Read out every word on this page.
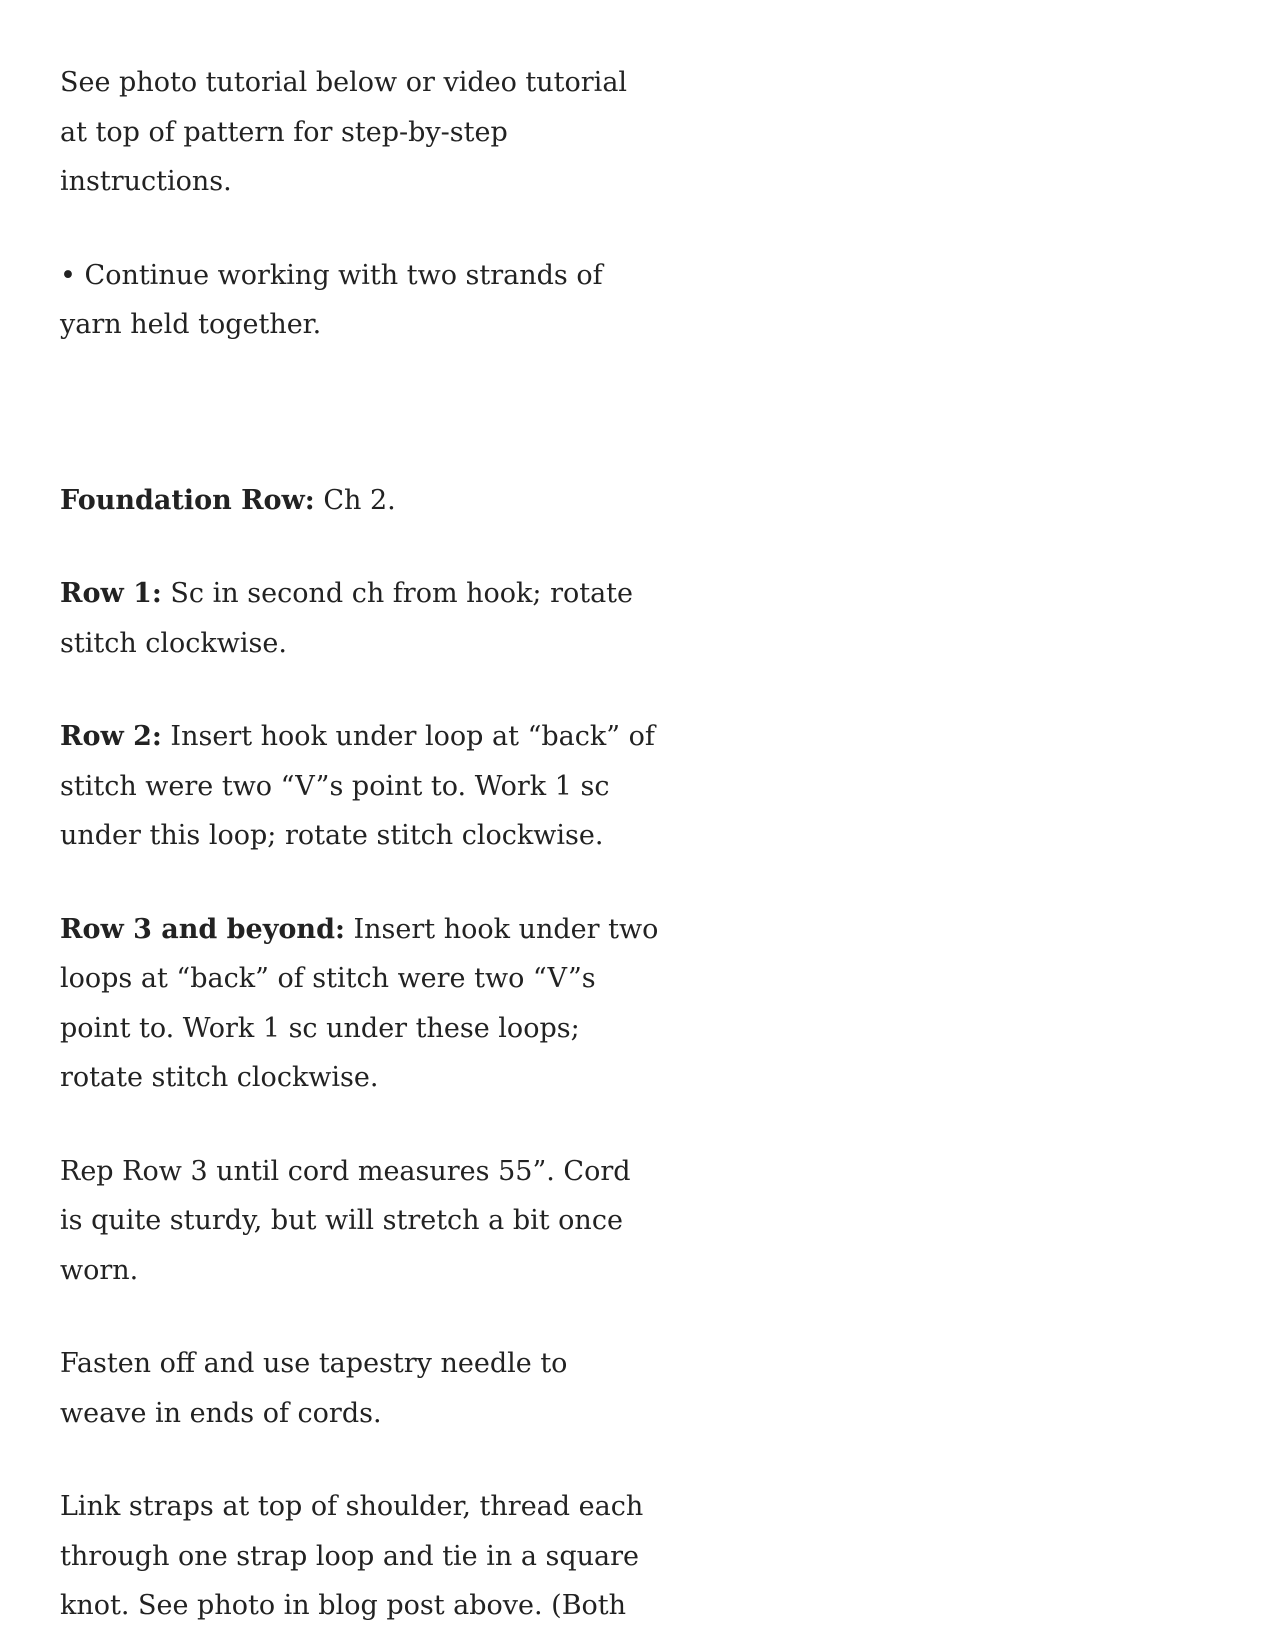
See photo tutorial below or video tutorial at top of pattern for step-by-step instructions.

• Continue working with two strands of yarn held together.

Foundation Row: Ch 2.

Row 1: Sc in second ch from hook; rotate stitch clockwise.

Row 2: Insert hook under loop at “back” of stitch were two “V”s point to. Work 1 sc under this loop; rotate stitch clockwise.

Row 3 and beyond: Insert hook under two loops at “back” of stitch were two “V”s point to. Work 1 sc under these loops; rotate stitch clockwise.

Rep Row 3 until cord measures 55”. Cord is quite sturdy, but will stretch a bit once worn.

Fasten off and use tapestry needle to weave in ends of cords.

Link straps at top of shoulder, thread each through one strap loop and tie in a square knot. See photo in blog post above. (Both
